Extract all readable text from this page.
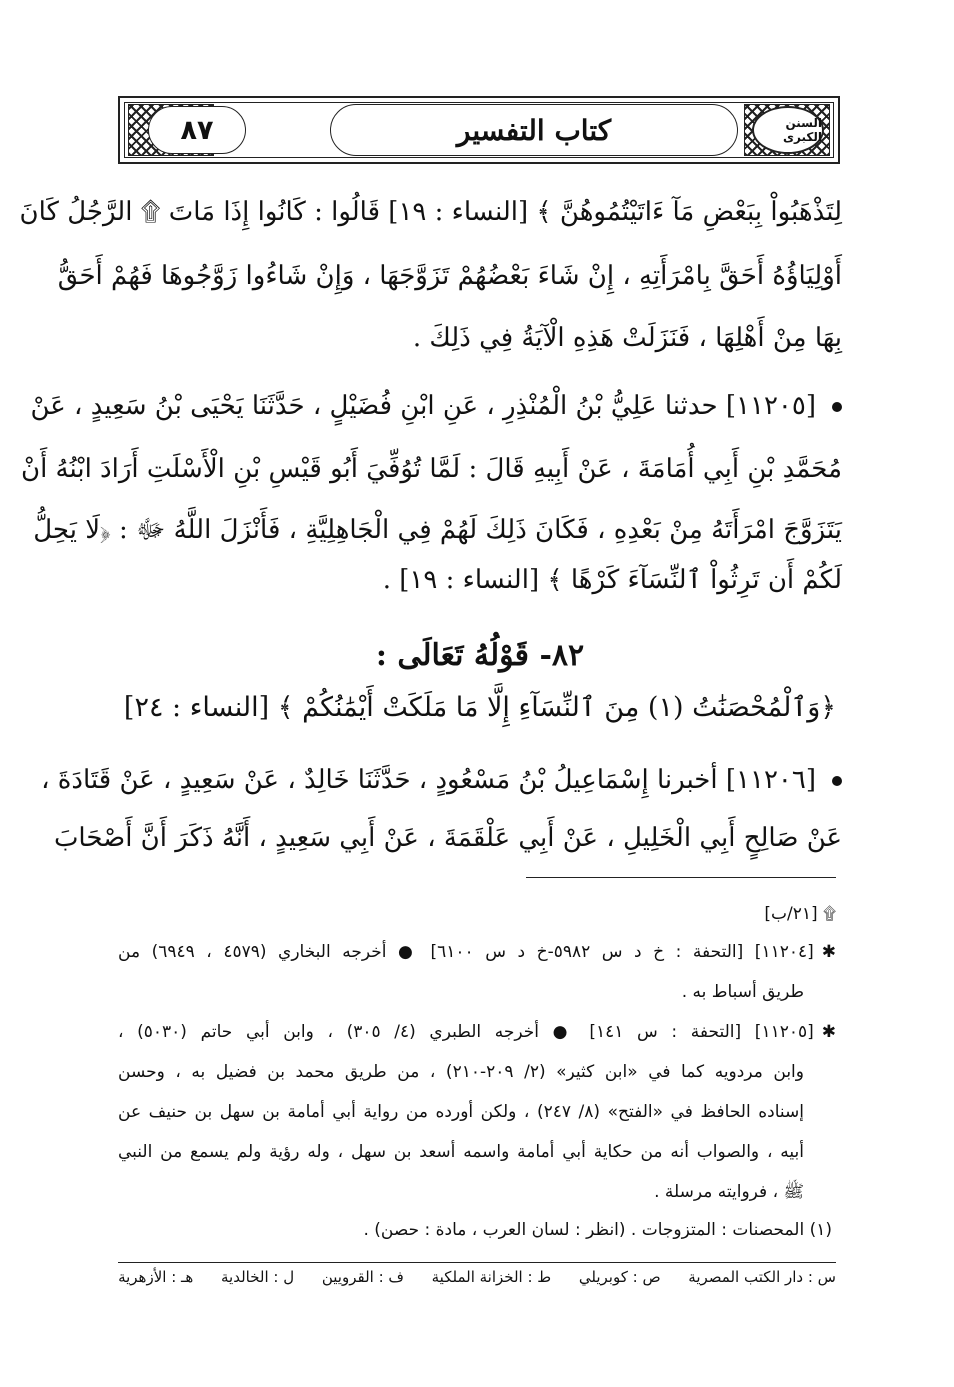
السنن الكبرى
كتاب التفسير
٨٧
لِتَذْهَبُواْ بِبَعْضِ مَآ ءَاتَيْتُمُوهُنَّ ﴾ [النساء : ١٩] قَالُوا : كَانُوا إِذَا مَاتَ ۩ الرَّجُلُ كَانَ
أَوْلِيَاؤُهُ أَحَقَّ بِامْرَأَتِهِ ، إِنْ شَاءَ بَعْضُهُمْ تَزَوَّجَهَا ، وَإِنْ شَاءُوا زَوَّجُوهَا فَهُمْ أَحَقُّ
بِهَا مِنْ أَهْلِهَا ، فَنَزَلَتْ هَذِهِ الْآيَةُ فِي ذَلِكَ .
[١١٢٠٥] حدثنا عَلِيُّ بْنُ الْمُنْذِرِ ، عَنِ ابْنِ فُضَيْلٍ ، حَدَّثَنَا يَحْيَى بْنُ سَعِيدٍ ، عَنْ
مُحَمَّدِ بْنِ أَبِي أُمَامَةَ ، عَنْ أَبِيهِ قَالَ : لَمَّا تُوُفِّيَ أَبُو قَيْسِ بْنِ الْأَسْلَتِ أَرَادَ ابْنُهُ أَنْ
يَتَزَوَّجَ امْرَأَتَهُ مِنْ بَعْدِهِ ، فَكَانَ ذَلِكَ لَهُمْ فِي الْجَاهِلِيَّةِ ، فَأَنْزَلَ اللَّهُ ﷻ : ﴿لَا يَحِلُّ
لَكُمْ أَن تَرِثُواْ ٱلنِّسَآءَ كَرْهًا ﴾ [النساء : ١٩] .
٨٢- قَوْلُهُ تَعَالَى :
﴿وَٱلْمُحْصَنَٰتُ (١) مِنَ ٱلنِّسَآءِ إِلَّا مَا مَلَكَتْ أَيْمَٰنُكُمْ ﴾ [النساء : ٢٤]
[١١٢٠٦] أخبرنا إِسْمَاعِيلُ بْنُ مَسْعُودٍ ، حَدَّثَنَا خَالِدٌ ، عَنْ سَعِيدٍ ، عَنْ قَتَادَةَ ،
عَنْ صَالِحٍ أَبِي الْخَلِيلِ ، عَنْ أَبِي عَلْقَمَةَ ، عَنْ أَبِي سَعِيدٍ ، أَنَّهُ ذَكَرَ أَنَّ أَصْحَابَ
۩ [٢١/ب]
✱[١١٢٠٤] [التحفة : خ د س ٥٩٨٢-خ د س ٦١٠٠] ● أخرجه البخاري (٤٥٧٩ ، ٦٩٤٩) من
طريق أسباط به .
✱[١١٢٠٥] [التحفة : س ١٤١] ● أخرجه الطبري (٤/ ٣٠٥) ، وابن أبي حاتم (٥٠٣٠) ،
وابن مردويه كما في «ابن كثير» (٢/ ٢٠٩-٢١٠) ، من طريق محمد بن فضيل به ، وحسن
إسناده الحافظ في «الفتح» (٨/ ٢٤٧) ، ولكن أورده من رواية أبي أمامة بن سهل بن حنيف عن
أبيه ، والصواب أنه من حكاية أبي أمامة واسمه أسعد بن سهل ، وله رؤية ولم يسمع من النبي
ﷺ ، فروايته مرسلة .
(١) المحصنات : المتزوجات . (انظر : لسان العرب ، مادة : حصن) .
س : دار الكتب المصرية
ص : كوبريلي
ط : الخزانة الملكية
ف : القرويين
ل : الخالدية
هـ : الأزهرية
